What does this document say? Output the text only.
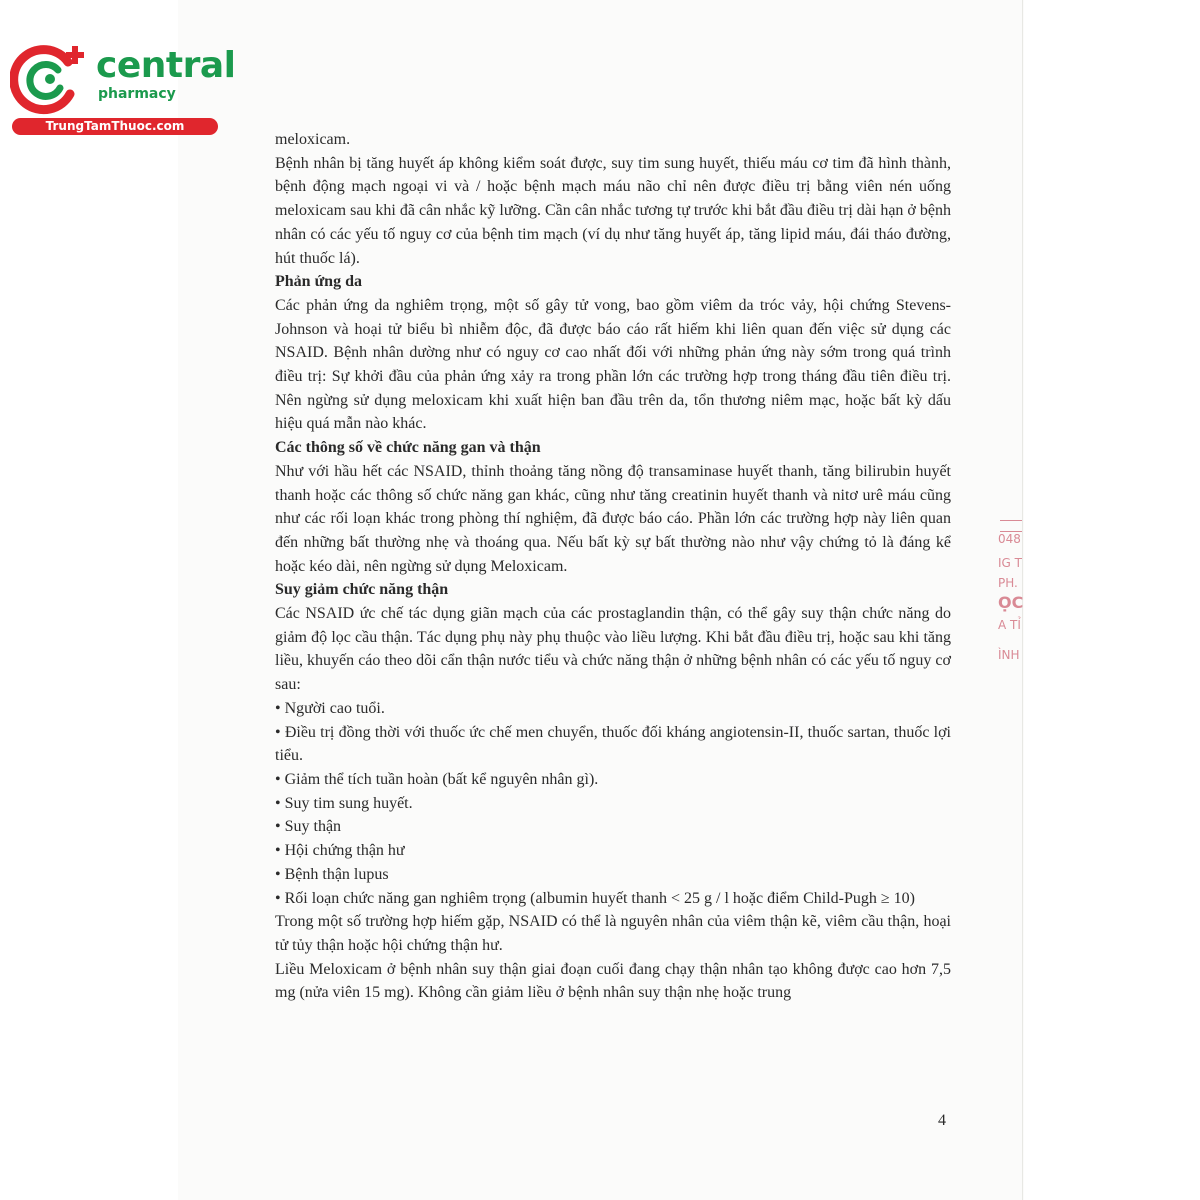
central
pharmacy
TrungTamThuoc.com

meloxicam.

Bệnh nhân bị tăng huyết áp không kiểm soát được, suy tim sung huyết, thiếu máu cơ tim đã hình thành, bệnh động mạch ngoại vi và / hoặc bệnh mạch máu não chỉ nên được điều trị bằng viên nén uống meloxicam sau khi đã cân nhắc kỹ lưỡng. Cần cân nhắc tương tự trước khi bắt đầu điều trị dài hạn ở bệnh nhân có các yếu tố nguy cơ của bệnh tim mạch (ví dụ như tăng huyết áp, tăng lipid máu, đái tháo đường, hút thuốc lá).

Phản ứng da

Các phản ứng da nghiêm trọng, một số gây tử vong, bao gồm viêm da tróc vảy, hội chứng Stevens-Johnson và hoại tử biểu bì nhiễm độc, đã được báo cáo rất hiếm khi liên quan đến việc sử dụng các NSAID. Bệnh nhân dường như có nguy cơ cao nhất đối với những phản ứng này sớm trong quá trình điều trị: Sự khởi đầu của phản ứng xảy ra trong phần lớn các trường hợp trong tháng đầu tiên điều trị. Nên ngừng sử dụng meloxicam khi xuất hiện ban đầu trên da, tổn thương niêm mạc, hoặc bất kỳ dấu hiệu quá mẫn nào khác.

Các thông số về chức năng gan và thận

Như với hầu hết các NSAID, thỉnh thoảng tăng nồng độ transaminase huyết thanh, tăng bilirubin huyết thanh hoặc các thông số chức năng gan khác, cũng như tăng creatinin huyết thanh và nitơ urê máu cũng như các rối loạn khác trong phòng thí nghiệm, đã được báo cáo. Phần lớn các trường hợp này liên quan đến những bất thường nhẹ và thoáng qua. Nếu bất kỳ sự bất thường nào như vậy chứng tỏ là đáng kể hoặc kéo dài, nên ngừng sử dụng Meloxicam.

Suy giảm chức năng thận

Các NSAID ức chế tác dụng giãn mạch của các prostaglandin thận, có thể gây suy thận chức năng do giảm độ lọc cầu thận. Tác dụng phụ này phụ thuộc vào liều lượng. Khi bắt đầu điều trị, hoặc sau khi tăng liều, khuyến cáo theo dõi cẩn thận nước tiểu và chức năng thận ở những bệnh nhân có các yếu tố nguy cơ sau:

• Người cao tuổi.

• Điều trị đồng thời với thuốc ức chế men chuyển, thuốc đối kháng angiotensin-II, thuốc sartan, thuốc lợi tiểu.

• Giảm thể tích tuần hoàn (bất kể nguyên nhân gì).

• Suy tim sung huyết.

• Suy thận

• Hội chứng thận hư

• Bệnh thận lupus

• Rối loạn chức năng gan nghiêm trọng (albumin huyết thanh < 25 g / l hoặc điểm Child-Pugh ≥ 10)

Trong một số trường hợp hiếm gặp, NSAID có thể là nguyên nhân của viêm thận kẽ, viêm cầu thận, hoại tử tủy thận hoặc hội chứng thận hư.

Liều Meloxicam ở bệnh nhân suy thận giai đoạn cuối đang chạy thận nhân tạo không được cao hơn 7,5 mg (nửa viên 15 mg). Không cần giảm liều ở bệnh nhân suy thận nhẹ hoặc trung

4
048
IG T
PH.
ỌC
A TỈ
ÌNH
